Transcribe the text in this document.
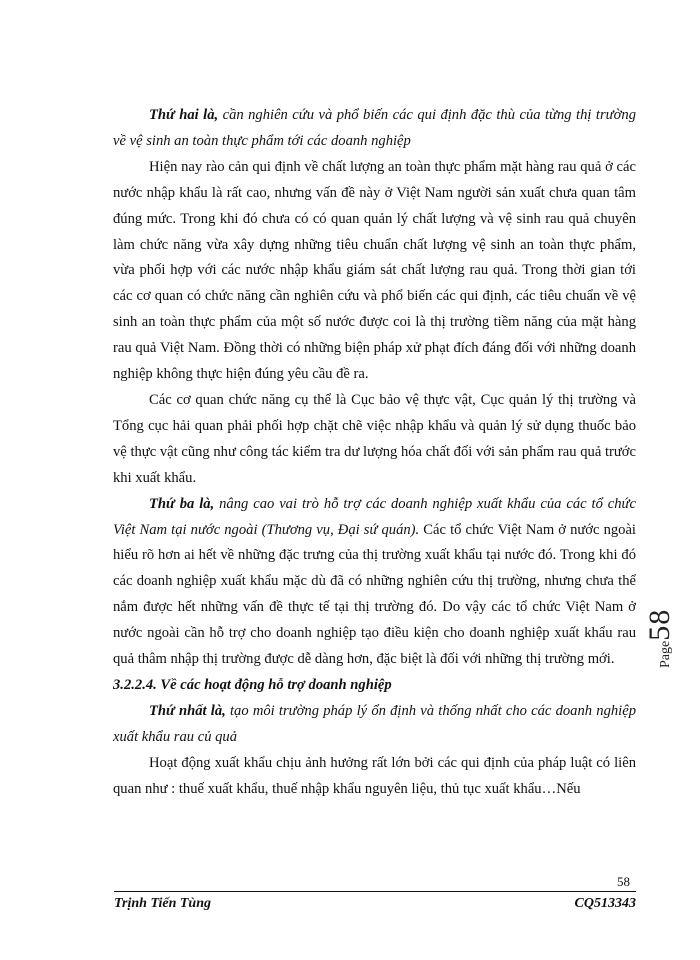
Thứ hai là, cần nghiên cứu và phổ biến các qui định đặc thù của từng thị trường về vệ sinh an toàn thực phẩm tới các doanh nghiệp

Hiện nay rào cản qui định về chất lượng an toàn thực phẩm mặt hàng rau quả ở các nước nhập khẩu là rất cao, nhưng vấn đề này ở Việt Nam người sản xuất chưa quan tâm đúng mức. Trong khi đó chưa có có quan quản lý chất lượng và vệ sinh rau quả chuyên làm chức năng vừa xây dựng những tiêu chuẩn chất lượng vệ sinh an toàn thực phẩm, vừa phối hợp với các nước nhập khẩu giám sát chất lượng rau quả. Trong thời gian tới các cơ quan có chức năng cần nghiên cứu và phổ biến các qui định, các tiêu chuẩn về vệ sinh an toàn thực phẩm của một số nước được coi là thị trường tiềm năng của mặt hàng rau quả Việt Nam. Đồng thời có những biện pháp xử phạt đích đáng đối với những doanh nghiệp không thực hiện đúng yêu cầu đề ra.

Các cơ quan chức năng cụ thể là Cục bảo vệ thực vật, Cục quản lý thị trường và Tổng cục hải quan phải phối hợp chặt chẽ việc nhập khẩu và quản lý sử dụng thuốc bảo vệ thực vật cũng như công tác kiểm tra dư lượng hóa chất đối với sản phẩm rau quả trước khi xuất khẩu.

Thứ ba là, nâng cao vai trò hỗ trợ các doanh nghiệp xuất khẩu của các tổ chức Việt Nam tại nước ngoài (Thương vụ, Đại sứ quán). Các tổ chức Việt Nam ở nước ngoài hiểu rõ hơn ai hết về những đặc trưng của thị trường xuất khẩu tại nước đó. Trong khi đó các doanh nghiệp xuất khẩu mặc dù đã có những nghiên cứu thị trường, nhưng chưa thể nắm được hết những vấn đề thực tế tại thị trường đó. Do vậy các tổ chức Việt Nam ở nước ngoài cần hỗ trợ cho doanh nghiệp tạo điều kiện cho doanh nghiệp xuất khẩu rau quả thâm nhập thị trường được dễ dàng hơn, đặc biệt là đối với những thị trường mới.

3.2.2.4. Về các hoạt động hỗ trợ doanh nghiệp

Thứ nhất là, tạo môi trường pháp lý ổn định và thống nhất cho các doanh nghiệp xuất khẩu rau củ quả

Hoạt động xuất khẩu chịu ảnh hưởng rất lớn bởi các qui định của pháp luật có liên quan như : thuế xuất khẩu, thuế nhập khẩu nguyên liệu, thủ tục xuất khẩu…Nếu

Page58
58
Trịnh Tiến Tùng	CQ513343
